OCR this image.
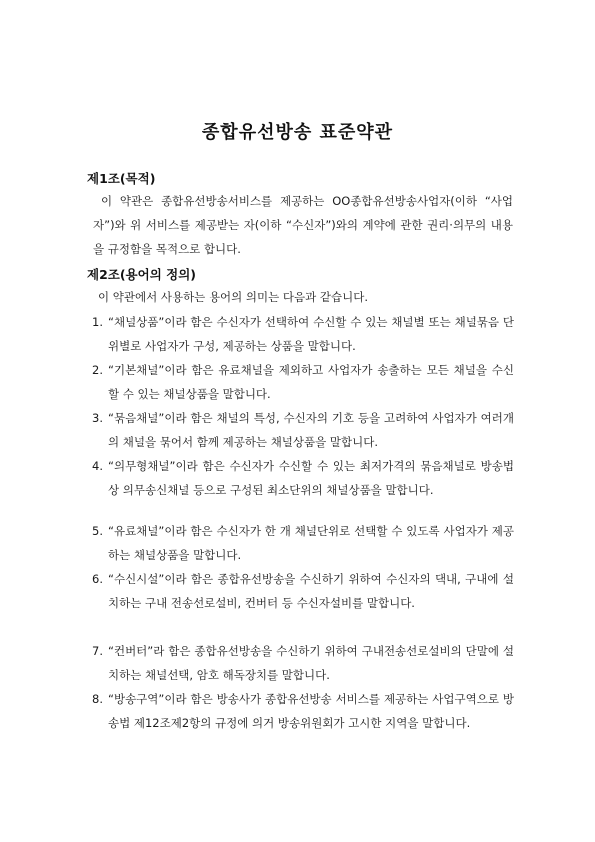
종합유선방송 표준약관
제1조(목적)
이 약관은 종합유선방송서비스를 제공하는 OO종합유선방송사업자(이하 “사업자”)와 위 서비스를 제공받는 자(이하 “수신자”)와의 계약에 관한 권리·의무의 내용을 규정함을 목적으로 합니다.
제2조(용어의 정의)
이 약관에서 사용하는 용어의 의미는 다음과 같습니다.
1. “채널상품”이라 함은 수신자가 선택하여 수신할 수 있는 채널별 또는 채널묶음 단위별로 사업자가 구성, 제공하는 상품을 말합니다.
2. “기본채널”이라 함은 유료채널을 제외하고 사업자가 송출하는 모든 채널을 수신할 수 있는 채널상품을 말합니다.
3. “묶음채널”이라 함은 채널의 특성, 수신자의 기호 등을 고려하여 사업자가 여러개의 채널을 묶어서 함께 제공하는 채널상품을 말합니다.
4. “의무형채널”이라 함은 수신자가 수신할 수 있는 최저가격의 묶음채널로 방송법상 의무송신채널 등으로 구성된 최소단위의 채널상품을 말합니다.
5. “유료채널”이라 함은 수신자가 한 개 채널단위로 선택할 수 있도록 사업자가 제공하는 채널상품을 말합니다.
6. “수신시설”이라 함은 종합유선방송을 수신하기 위하여 수신자의 댁내, 구내에 설치하는 구내 전송선로설비, 컨버터 등 수신자설비를 말합니다.
7. “컨버터”라 함은 종합유선방송을 수신하기 위하여 구내전송선로설비의 단말에 설치하는 채널선택, 암호 해독장치를 말합니다.
8. “방송구역”이라 함은 방송사가 종합유선방송 서비스를 제공하는 사업구역으로 방송법 제12조제2항의 규정에 의거 방송위원회가 고시한 지역을 말합니다.
